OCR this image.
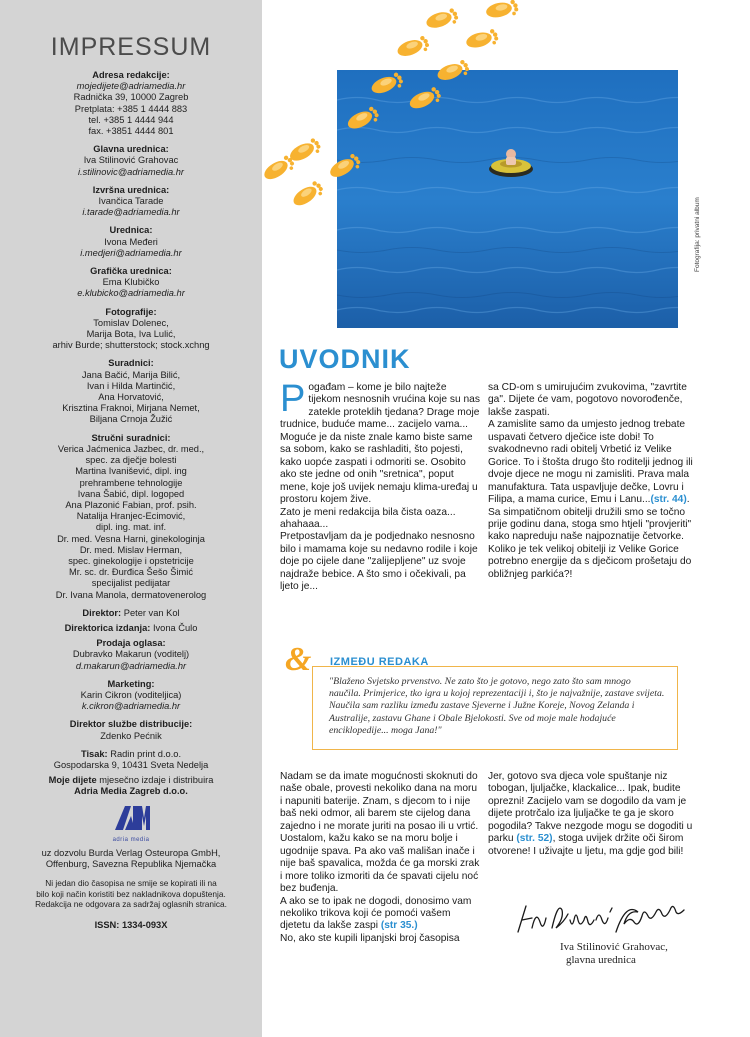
IMPRESSUM
Adresa redakcije:
mojedijete@adriamedia.hr
Radnička 39, 10000 Zagreb
Pretplata: +385 1 4444 883
tel. +385 1 4444 944
fax. +3851 4444 801
Glavna urednica:
Iva Stilinović Grahovac
i.stilinovic@adriamedia.hr
Izvršna urednica:
Ivančica Tarade
i.tarade@adriamedia.hr
Urednica:
Ivona Međeri
i.medjeri@adriamedia.hr
Grafička urednica:
Ema Klubičko
e.klubicko@adriamedia.hr
Fotografije:
Tomislav Dolenec,
Marija Bota, Iva Lulić,
arhiv Burde; shutterstock; stock.xchng
Suradnici:
Jana Bačić, Marija Bilić,
Ivan i Hilda Martinčić,
Ana Horvatović,
Krisztina Fraknoi, Mirjana Nemet,
Biljana Crnoja Žužić
Stručni suradnici:
Verica Jaćmenica Jazbec, dr. med.,
spec. za dječje bolesti
Martina Ivanišević, dipl. ing
prehrambene tehnologije
Ivana Šabić, dipl. logoped
Ana Plazonić Fabian, prof. psih.
Natalija Hranjec-Ecimović,
dipl. ing. mat. inf.
Dr. med. Vesna Harni, ginekologinja
Dr. med. Mislav Herman,
spec. ginekologije i opstetricije
Mr. sc. dr. Đurđica Šešo Šimić
specijalist pedijatar
Dr. Ivana Manola, dermatovenerolog
Direktor: Peter van Kol
Direktorica izdanja: Ivona Čulo
Prodaja oglasa:
Dubravko Makarun (voditelj)
d.makarun@adriamedia.hr
Marketing:
Karin Cikron (voditeljica)
k.cikron@adriamedia.hr
Direktor službe distribucije:
Zdenko Pećnik
Tisak: Radin print d.o.o.
Gospodarska 9, 10431 Sveta Nedelja
Moje dijete mjesečno izdaje i distribuira
Adria Media Zagreb d.o.o.
adria media
uz dozvolu Burda Verlag Osteuropa GmbH,
Offenburg, Savezna Republika Njemačka
Ni jedan dio časopisa ne smije se kopirati ili na
bilo koji način koristiti bez nakladnikova dopuštenja.
Redakcija ne odgovara za sadržaj oglasnih stranica.
ISSN: 1334-093X
Fotografija: privatni album
UVODNIK

Pogađam – kome je bilo najteže tijekom nesnosnih vrućina koje su nas zatekle proteklih tjedana? Drage moje trudnice, buduće mame... zacijelo vama... Moguće je da niste znale kamo biste same sa sobom, kako se rashladiti, što pojesti, kako uopće zaspati i odmoriti se. Osobito ako ste jedne od onih "sretnica", poput mene, koje još uvijek nemaju klima-uređaj u prostoru kojem žive.

Zato je meni redakcija bila čista oaza... ahahaaa...

Pretpostavljam da je podjednako nesnosno bilo i mamama koje su nedavno rodile i koje doje po cijele dane "zalijepljene" uz svoje najdraže bebice. A što smo i očekivali, pa ljeto je...

sa CD-om s umirujućim zvukovima, "zavrtite ga". Dijete će vam, pogotovo novorođenče, lakše zaspati.

A zamislite samo da umjesto jednog trebate uspavati četvero dječice iste dobi! To svakodnevno radi obitelj Vrbetić iz Velike Gorice. To i štošta drugo što roditelji jednog ili dvoje djece ne mogu ni zamisliti. Prava mala manufaktura. Tata uspavljuje dečke, Lovru i Filipa, a mama curice, Emu i Lanu...(str. 44).

Sa simpatičnom obitelji družili smo se točno prije godinu dana, stoga smo htjeli "provjeriti" kako napreduju naše najpoznatije četvorke.

Koliko je tek velikoj obitelji iz Velike Gorice potrebno energije da s dječicom prošetaju do obližnjeg parkića?!

& IZMEĐU REDAKA
"Blaženo Svjetsko prvenstvo. Ne zato što je gotovo, nego zato što sam mnogo naučila. Primjerice, tko igra u kojoj reprezentaciji i, što je najvažnije, zastave svijeta. Naučila sam razliku između zastave Sjeverne i Južne Koreje, Novog Zelanda i Australije, zastavu Ghane i Obale Bjelokosti. Sve od moje male hodajuće enciklopedije... moga Jana!"

Nadam se da imate mogućnosti skoknuti do naše obale, provesti nekoliko dana na moru i napuniti baterije. Znam, s djecom to i nije baš neki odmor, ali barem ste cijelog dana zajedno i ne morate juriti na posao ili u vrtić. Uostalom, kažu kako se na moru bolje i ugodnije spava. Pa ako vaš mališan inače i nije baš spavalica, možda će ga morski zrak i more toliko izmoriti da će spavati cijelu noć bez buđenja.

A ako se to ipak ne dogodi, donosimo vam nekoliko trikova koji će pomoći vašem djetetu da lakše zaspi (str 35.)

No, ako ste kupili lipanjski broj časopisa

Jer, gotovo sva djeca vole spuštanje niz tobogan, ljuljačke, klackalice... Ipak, budite oprezni! Zacijelo vam se dogodilo da vam je dijete protrčalo iza ljuljačke te ga je skoro pogodila? Takve nezgode mogu se dogoditi u parku (str. 52), stoga uvijek držite oči širom otvorene! I uživajte u ljetu, ma gdje god bili!

Iva Stilinović Grahovac,
glavna urednica
